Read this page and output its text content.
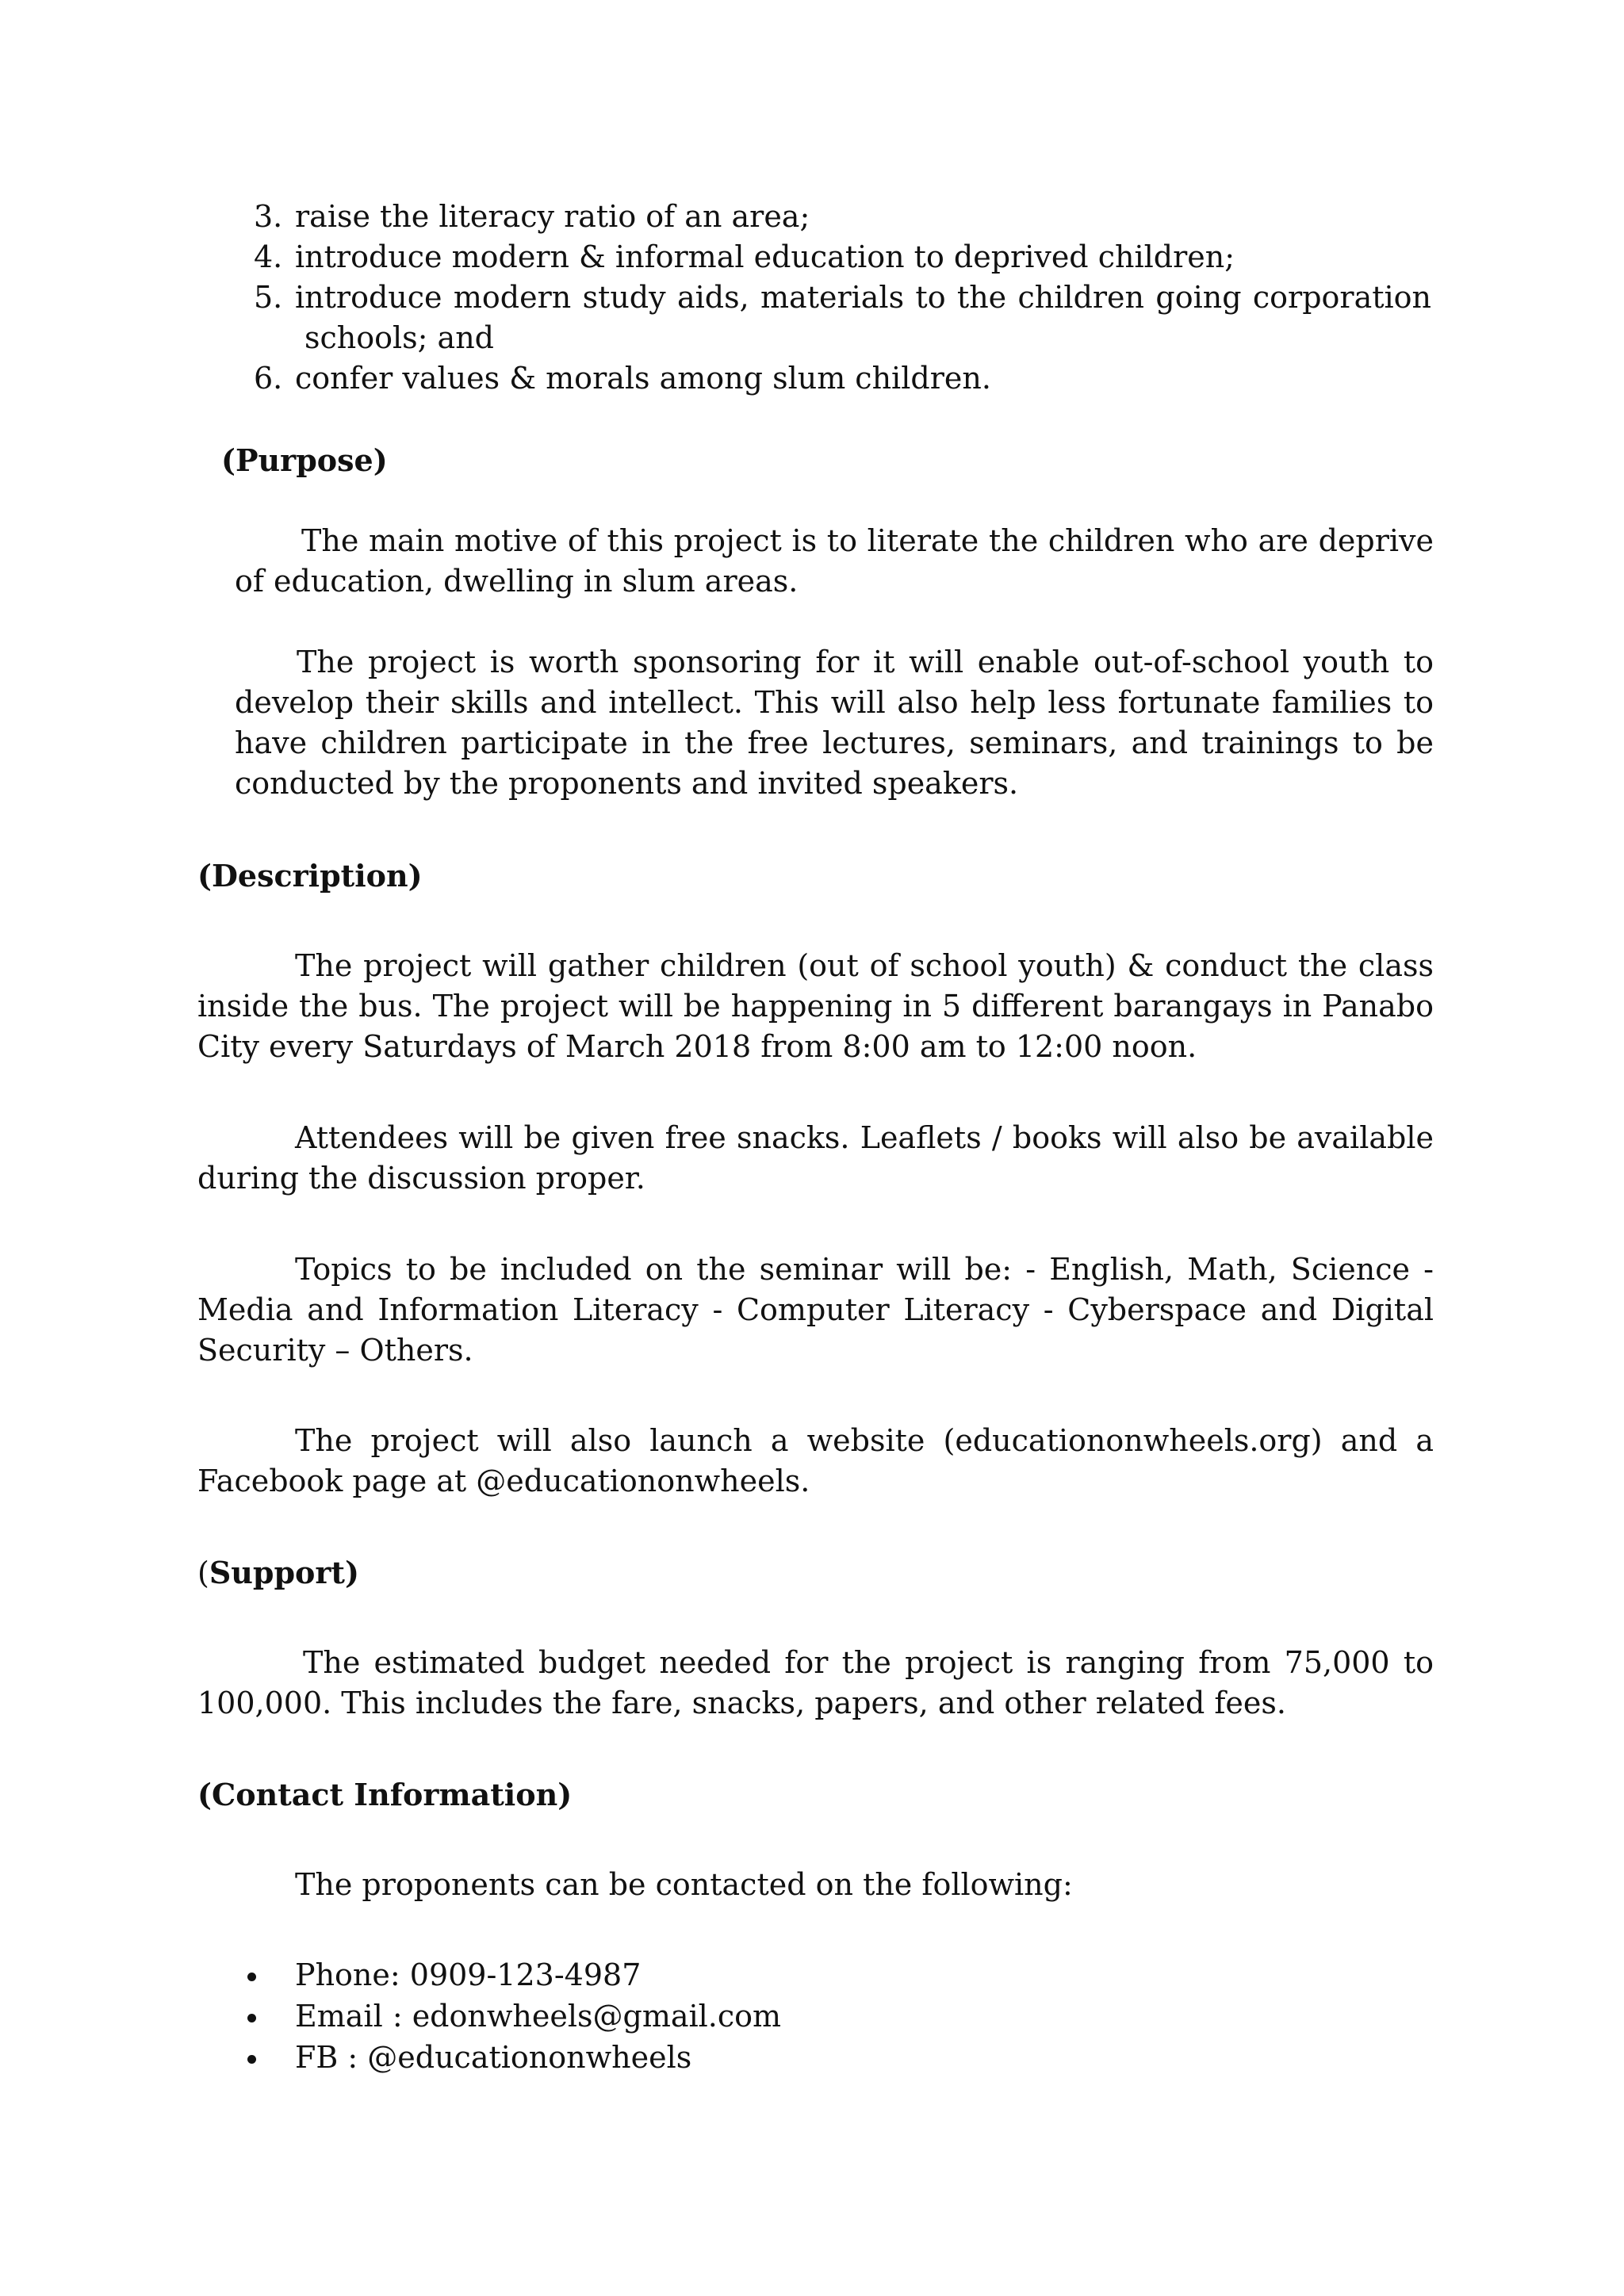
3. raise the literacy ratio of an area;
4. introduce modern & informal education to deprived children;
5. introduce modern study aids, materials to the children going corporation
schools; and
6. confer values & morals among slum children.
(Purpose)

The main motive of this project is to literate the children who are deprive of education, dwelling in slum areas.

The project is worth sponsoring for it will enable out-of-school youth to develop their skills and intellect. This will also help less fortunate families to have children participate in the free lectures, seminars, and trainings to be conducted by the proponents and invited speakers.

(Description)

The project will gather children (out of school youth) & conduct the class inside the bus. The project will be happening in 5 different barangays in Panabo City every Saturdays of March 2018 from 8:00 am to 12:00 noon.

Attendees will be given free snacks. Leaflets / books will also be available during the discussion proper.

Topics to be included on the seminar will be: - English, Math, Science - Media and Information Literacy - Computer Literacy - Cyberspace and Digital Security – Others.

The project will also launch a website (educationonwheels.org) and a Facebook page at @educationonwheels.

(Support)

The estimated budget needed for the project is ranging from 75,000 to 100,000. This includes the fare, snacks, papers, and other related fees.

(Contact Information)

The proponents can be contacted on the following:

Phone: 0909-123-4987
Email : edonwheels@gmail.com
FB : @educationonwheels
